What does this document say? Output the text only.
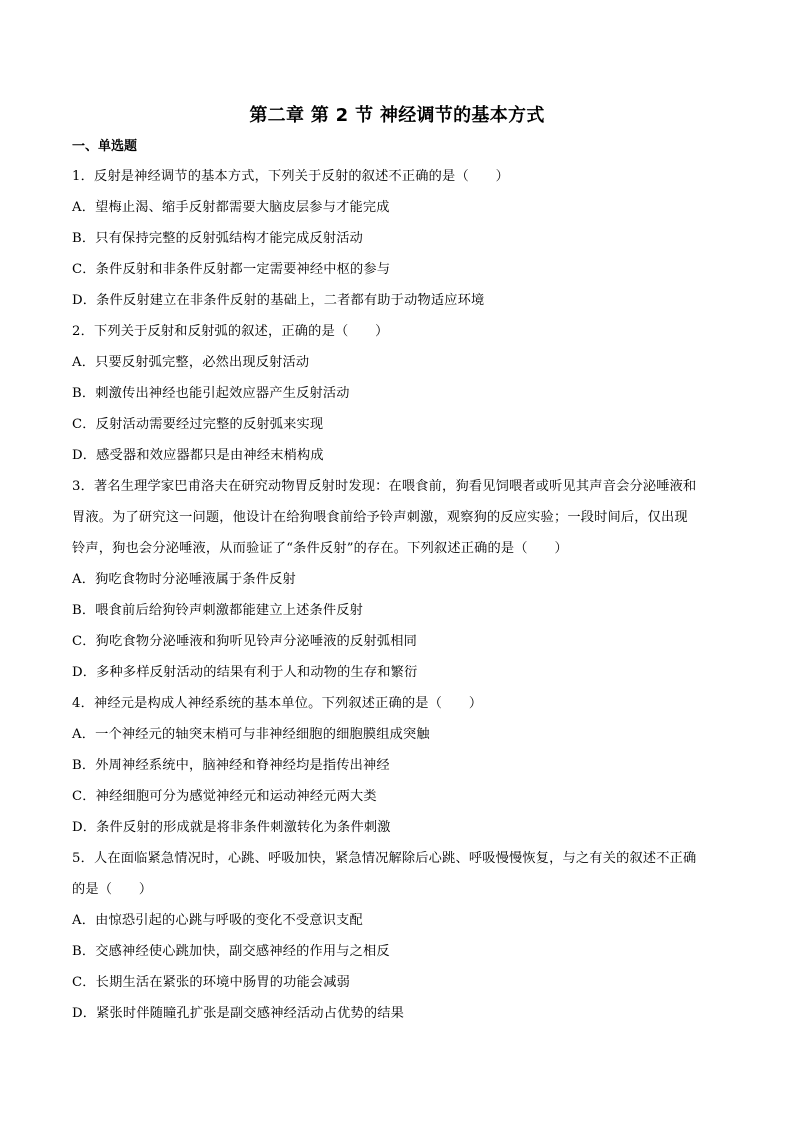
第二章 第 2 节 神经调节的基本方式
一、单选题
1．反射是神经调节的基本方式，下列关于反射的叙述不正确的是（　　）
A．望梅止渴、缩手反射都需要大脑皮层参与才能完成
B．只有保持完整的反射弧结构才能完成反射活动
C．条件反射和非条件反射都一定需要神经中枢的参与
D．条件反射建立在非条件反射的基础上，二者都有助于动物适应环境
2．下列关于反射和反射弧的叙述，正确的是（　　）
A．只要反射弧完整，必然出现反射活动
B．刺激传出神经也能引起效应器产生反射活动
C．反射活动需要经过完整的反射弧来实现
D．感受器和效应器都只是由神经末梢构成
3．著名生理学家巴甫洛夫在研究动物胃反射时发现：在喂食前，狗看见饲喂者或听见其声音会分泌唾液和
胃液。为了研究这一问题，他设计在给狗喂食前给予铃声刺激，观察狗的反应实验；一段时间后，仅出现
铃声，狗也会分泌唾液，从而验证了“条件反射”的存在。下列叙述正确的是（　　）
A．狗吃食物时分泌唾液属于条件反射
B．喂食前后给狗铃声刺激都能建立上述条件反射
C．狗吃食物分泌唾液和狗听见铃声分泌唾液的反射弧相同
D．多种多样反射活动的结果有利于人和动物的生存和繁衍
4．神经元是构成人神经系统的基本单位。下列叙述正确的是（　　）
A．一个神经元的轴突末梢可与非神经细胞的细胞膜组成突触
B．外周神经系统中，脑神经和脊神经均是指传出神经
C．神经细胞可分为感觉神经元和运动神经元两大类
D．条件反射的形成就是将非条件刺激转化为条件刺激
5．人在面临紧急情况时，心跳、呼吸加快，紧急情况解除后心跳、呼吸慢慢恢复，与之有关的叙述不正确
的是（　　）
A．由惊恐引起的心跳与呼吸的变化不受意识支配
B．交感神经使心跳加快，副交感神经的作用与之相反
C．长期生活在紧张的环境中肠胃的功能会减弱
D．紧张时伴随瞳孔扩张是副交感神经活动占优势的结果
